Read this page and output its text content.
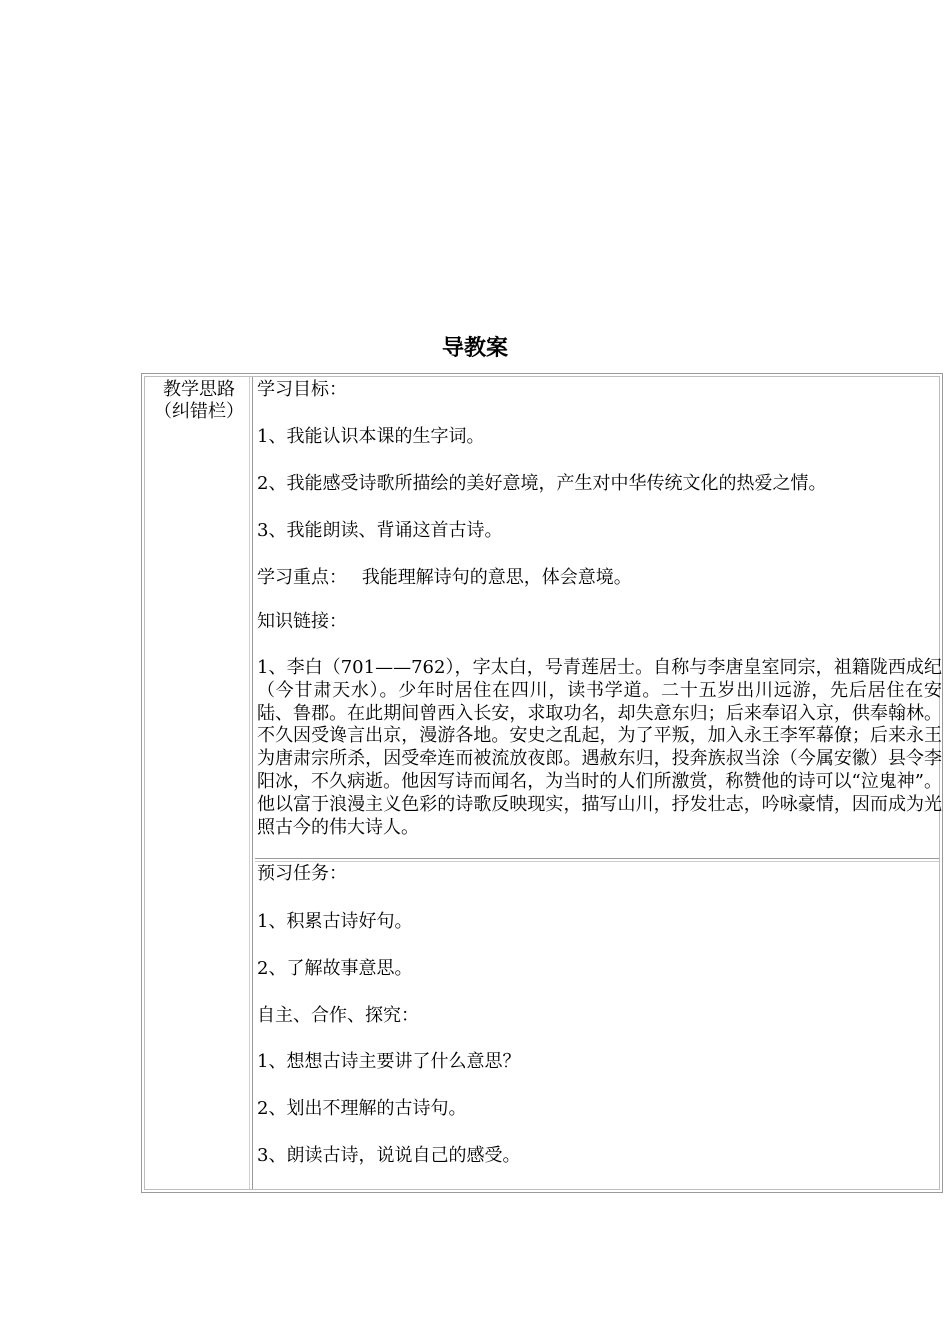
导教案
教学思路
（纠错栏）
学习目标：
1、我能认识本课的生字词。
2、我能感受诗歌所描绘的美好意境，产生对中华传统文化的热爱之情。
3、我能朗读、背诵这首古诗。
学习重点：　 我能理解诗句的意思，体会意境。
知识链接：
1、李白（701——762），字太白，号青莲居士。自称与李唐皇室同宗，祖籍陇西成纪（今甘肃天水）。少年时居住在四川，读书学道。二十五岁出川远游，先后居住在安陆、鲁郡。在此期间曾西入长安，求取功名，却失意东归；后来奉诏入京，供奉翰林。不久因受谗言出京，漫游各地。安史之乱起，为了平叛，加入永王李军幕僚；后来永王为唐肃宗所杀，因受牵连而被流放夜郎。遇赦东归，投奔族叔当涂（今属安徽）县令李阳冰，不久病逝。他因写诗而闻名，为当时的人们所激赏，称赞他的诗可以“泣鬼神”。他以富于浪漫主义色彩的诗歌反映现实，描写山川，抒发壮志，吟咏豪情，因而成为光照古今的伟大诗人。
预习任务：
1、积累古诗好句。
2、了解故事意思。
自主、合作、探究：
1、想想古诗主要讲了什么意思？
2、划出不理解的古诗句。
3、朗读古诗，说说自己的感受。
